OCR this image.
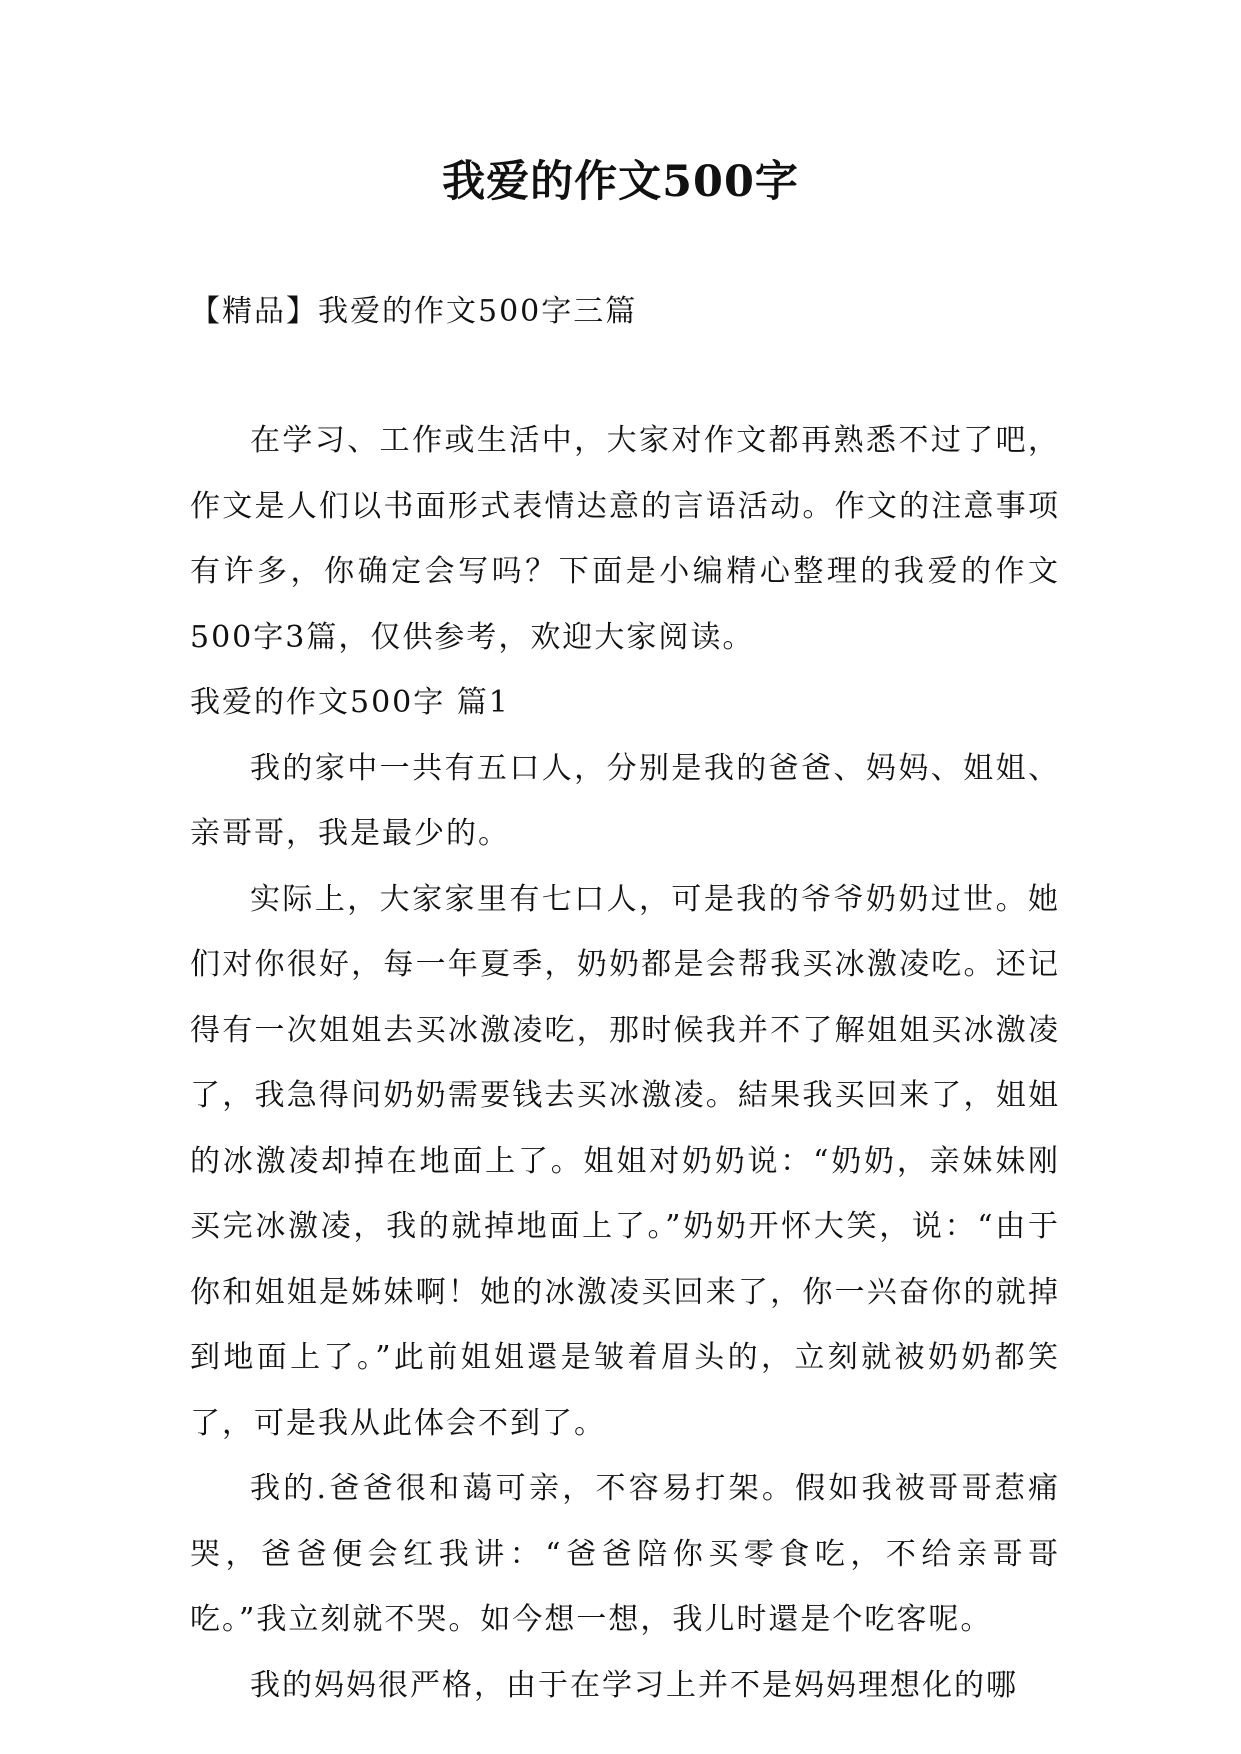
我爱的作文500字
【精品】我爱的作文500字三篇

在学习、工作或生活中，大家对作文都再熟悉不过了吧，作文是人们以书面形式表情达意的言语活动。作文的注意事项有许多，你确定会写吗？下面是小编精心整理的我爱的作文500字3篇，仅供参考，欢迎大家阅读。

我爱的作文500字 篇1

我的家中一共有五口人，分别是我的爸爸、妈妈、姐姐、亲哥哥，我是最少的。

实际上，大家家里有七口人，可是我的爷爷奶奶过世。她们对你很好，每一年夏季，奶奶都是会帮我买冰激凌吃。还记得有一次姐姐去买冰激凌吃，那时候我并不了解姐姐买冰激凌了，我急得问奶奶需要钱去买冰激凌。結果我买回来了，姐姐的冰激凌却掉在地面上了。姐姐对奶奶说：“奶奶，亲妹妹刚买完冰激凌，我的就掉地面上了。”奶奶开怀大笑，说：“由于你和姐姐是姊妹啊！她的冰激凌买回来了，你一兴奋你的就掉到地面上了。”此前姐姐還是皱着眉头的，立刻就被奶奶都笑了，可是我从此体会不到了。

我的.爸爸很和蔼可亲，不容易打架。假如我被哥哥惹痛哭，爸爸便会红我讲：“爸爸陪你买零食吃，不给亲哥哥吃。”我立刻就不哭。如今想一想，我儿时還是个吃客呢。

我的妈妈很严格，由于在学习上并不是妈妈理想化的哪
